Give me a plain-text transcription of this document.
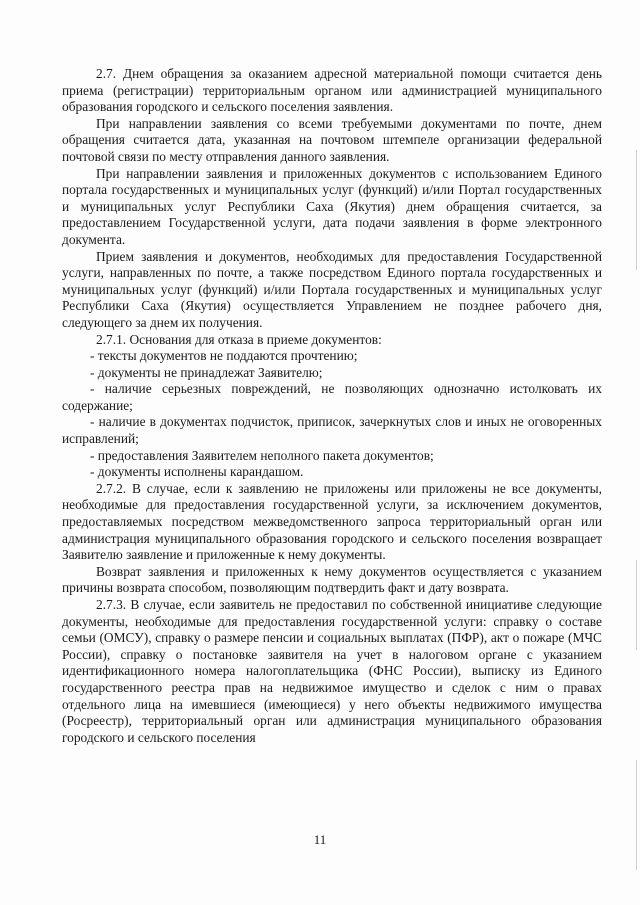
2.7. Днем обращения за оказанием адресной материальной помощи считается день приема (регистрации) территориальным органом или администрацией муниципального образования городского и сельского поселения заявления.

При направлении заявления со всеми требуемыми документами по почте, днем обращения считается дата, указанная на почтовом штемпеле организации федеральной почтовой связи по месту отправления данного заявления.

При направлении заявления и приложенных документов с использованием Единого портала государственных и муниципальных услуг (функций) и/или Портал государственных и муниципальных услуг Республики Саха (Якутия) днем обращения считается, за предоставлением Государственной услуги, дата подачи заявления в форме электронного документа.

Прием заявления и документов, необходимых для предоставления Государственной услуги, направленных по почте, а также посредством Единого портала государственных и муниципальных услуг (функций) и/или Портала государственных и муниципальных услуг Республики Саха (Якутия) осуществляется Управлением не позднее рабочего дня, следующего за днем их получения.

2.7.1. Основания для отказа в приеме документов:

- тексты документов не поддаются прочтению;

- документы не принадлежат Заявителю;

- наличие серьезных повреждений, не позволяющих однозначно истолковать их содержание;

- наличие в документах подчисток, приписок, зачеркнутых слов и иных не оговоренных исправлений;

- предоставления Заявителем неполного пакета документов;

- документы исполнены карандашом.

2.7.2. В случае, если к заявлению не приложены или приложены не все документы, необходимые для предоставления государственной услуги, за исключением документов, предоставляемых посредством межведомственного запроса территориальный орган или администрация муниципального образования городского и сельского поселения возвращает Заявителю заявление и приложенные к нему документы.

Возврат заявления и приложенных к нему документов осуществляется с указанием причины возврата способом, позволяющим подтвердить факт и дату возврата.

2.7.3. В случае, если заявитель не предоставил по собственной инициативе следующие документы, необходимые для предоставления государственной услуги: справку о составе семьи (ОМСУ), справку о размере пенсии и социальных выплатах (ПФР), акт о пожаре (МЧС России), справку о постановке заявителя на учет в налоговом органе с указанием идентификационного номера налогоплательщика (ФНС России), выписку из Единого государственного реестра прав на недвижимое имущество и сделок с ним о правах отдельного лица на имевшиеся (имеющиеся) у него объекты недвижимого имущества (Росреестр), территориальный орган или администрация муниципального образования городского и сельского поселения

11
